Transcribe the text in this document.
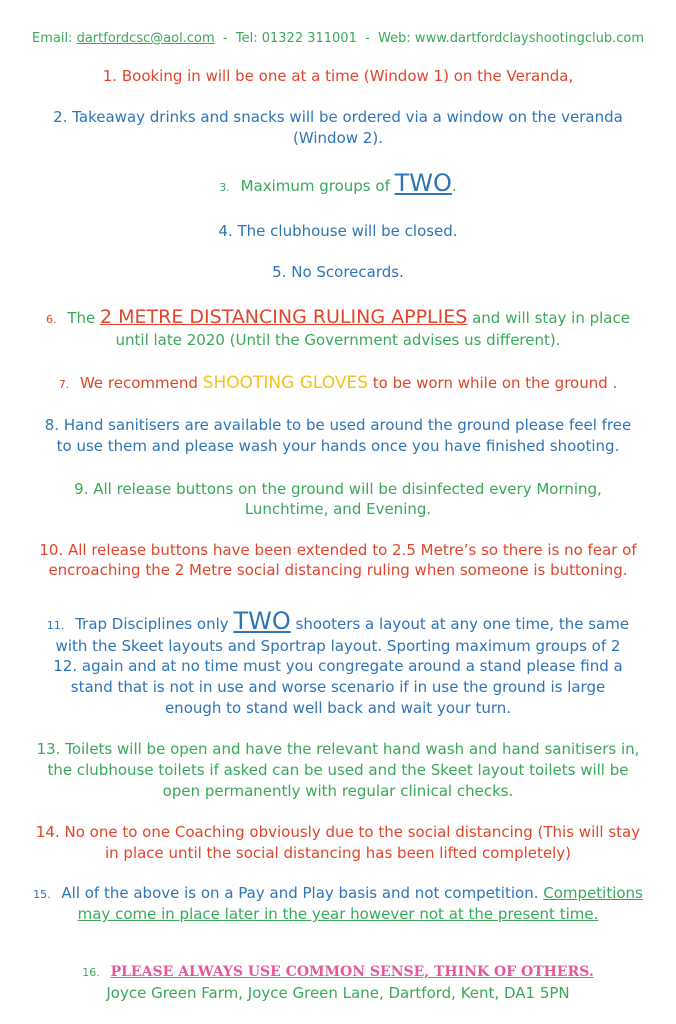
Email: dartfordcsc@aol.com - Tel: 01322 311001 - Web: www.dartfordclayshootingclub.com
1. Booking in will be one at a time (Window 1) on the Veranda,
2. Takeaway drinks and snacks will be ordered via a window on the veranda
(Window 2).
3. Maximum groups of TWO.
4. The clubhouse will be closed.
5. No Scorecards.
6. The 2 METRE DISTANCING RULING APPLIES and will stay in place
until late 2020 (Until the Government advises us different).
7. We recommend SHOOTING GLOVES to be worn while on the ground .
8. Hand sanitisers are available to be used around the ground please feel free
to use them and please wash your hands once you have finished shooting.
9. All release buttons on the ground will be disinfected every Morning,
Lunchtime, and Evening.
10. All release buttons have been extended to 2.5 Metre’s so there is no fear of
encroaching the 2 Metre social distancing ruling when someone is buttoning.
11. Trap Disciplines only TWO shooters a layout at any one time, the same
with the Skeet layouts and Sportrap layout. Sporting maximum groups of 2
12. again and at no time must you congregate around a stand please find a
stand that is not in use and worse scenario if in use the ground is large
enough to stand well back and wait your turn.
13. Toilets will be open and have the relevant hand wash and hand sanitisers in,
the clubhouse toilets if asked can be used and the Skeet layout toilets will be
open permanently with regular clinical checks.
14. No one to one Coaching obviously due to the social distancing (This will stay
in place until the social distancing has been lifted completely)
15. All of the above is on a Pay and Play basis and not competition. Competitions
may come in place later in the year however not at the present time.
16. PLEASE ALWAYS USE COMMON SENSE, THINK OF OTHERS.
Joyce Green Farm, Joyce Green Lane, Dartford, Kent, DA1 5PN
